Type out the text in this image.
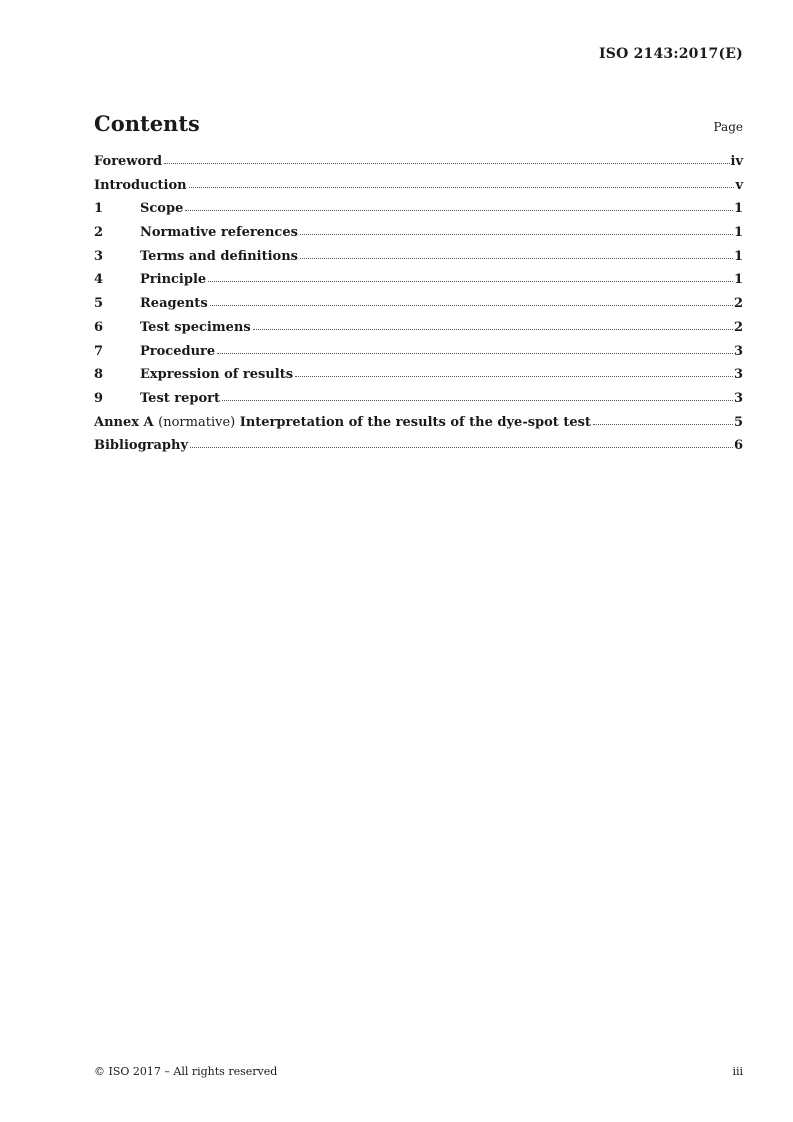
ISO 2143:2017(E)
Contents	Page
Foreword	iv
Introduction	v
1	Scope	1
2	Normative references	1
3	Terms and definitions	1
4	Principle	1
5	Reagents	2
6	Test specimens	2
7	Procedure	3
8	Expression of results	3
9	Test report	3
Annex A (normative) Interpretation of the results of the dye-spot test	5
Bibliography	6
© ISO 2017 – All rights reserved	iii
